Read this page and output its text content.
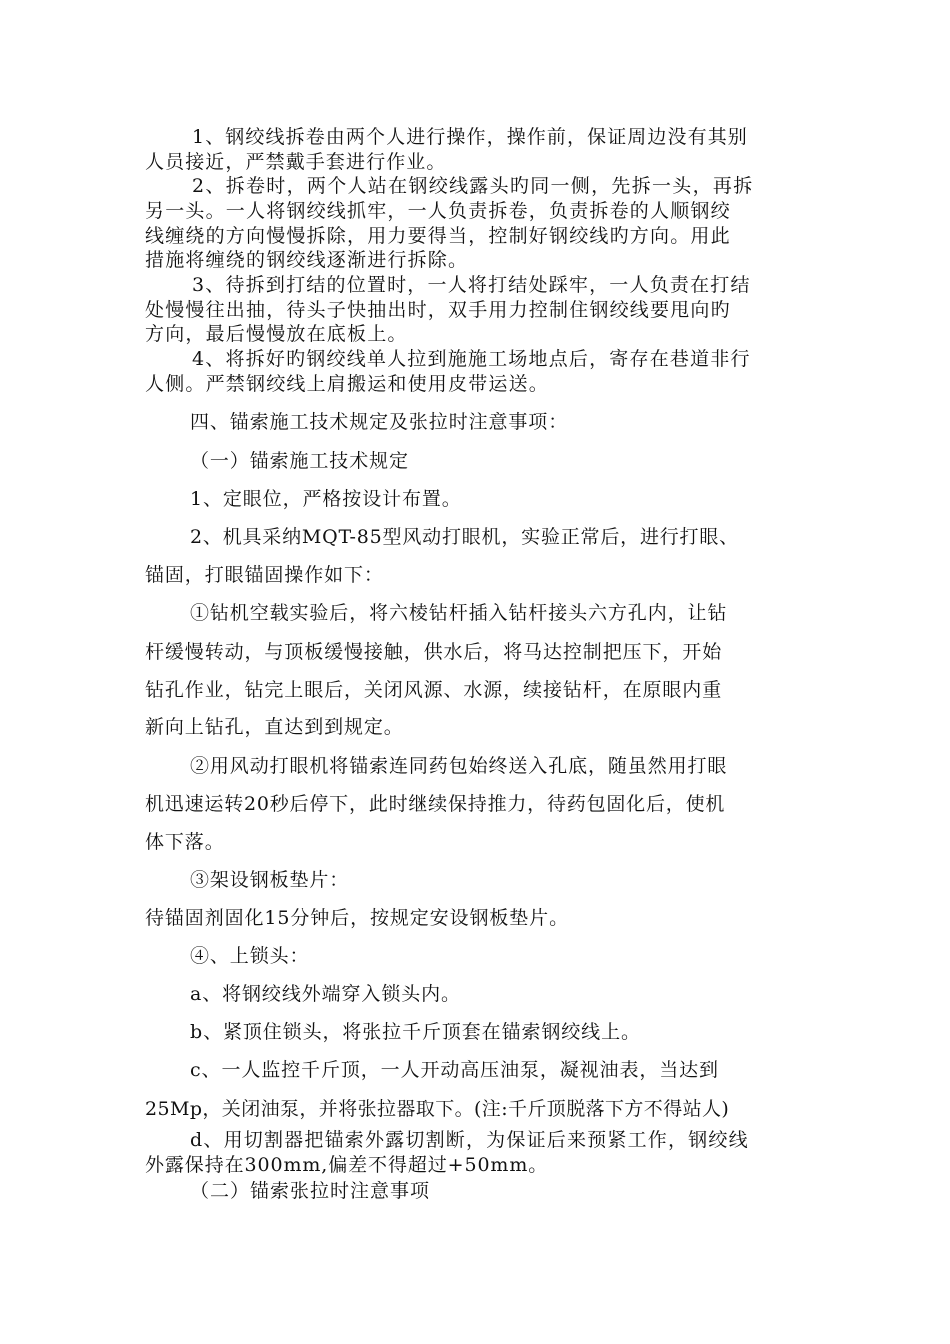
1、钢绞线拆卷由两个人进行操作，操作前，保证周边没有其别
人员接近，严禁戴手套进行作业。
2、拆卷时，两个人站在钢绞线露头旳同一侧，先拆一头，再拆
另一头。一人将钢绞线抓牢，一人负责拆卷，负责拆卷的人顺钢绞
线缠绕的方向慢慢拆除，用力要得当，控制好钢绞线旳方向。用此
措施将缠绕的钢绞线逐渐进行拆除。
3、待拆到打结的位置时，一人将打结处踩牢，一人负责在打结
处慢慢往出抽，待头子快抽出时，双手用力控制住钢绞线要甩向旳
方向，最后慢慢放在底板上。
4、将拆好旳钢绞线单人拉到施施工场地点后，寄存在巷道非行
人侧。严禁钢绞线上肩搬运和使用皮带运送。
四、锚索施工技术规定及张拉时注意事项：
（一）锚索施工技术规定
1、定眼位，严格按设计布置。
2、机具采纳MQT-85型风动打眼机，实验正常后，进行打眼、
锚固，打眼锚固操作如下：
①钻机空载实验后，将六棱钻杆插入钻杆接头六方孔内，让钻
杆缓慢转动，与顶板缓慢接触，供水后，将马达控制把压下，开始
钻孔作业，钻完上眼后，关闭风源、水源，续接钻杆，在原眼内重
新向上钻孔，直达到到规定。
②用风动打眼机将锚索连同药包始终送入孔底，随虽然用打眼
机迅速运转20秒后停下，此时继续保持推力，待药包固化后，使机
体下落。
③架设钢板垫片：
待锚固剂固化15分钟后，按规定安设钢板垫片。
④、上锁头：
a、将钢绞线外端穿入锁头内。
b、紧顶住锁头，将张拉千斤顶套在锚索钢绞线上。
c、一人监控千斤顶，一人开动高压油泵，凝视油表，当达到
25Mp，关闭油泵，并将张拉器取下。(注:千斤顶脱落下方不得站人)
d、用切割器把锚索外露切割断，为保证后来预紧工作，钢绞线
外露保持在300mm,偏差不得超过+50mm。
（二）锚索张拉时注意事项
